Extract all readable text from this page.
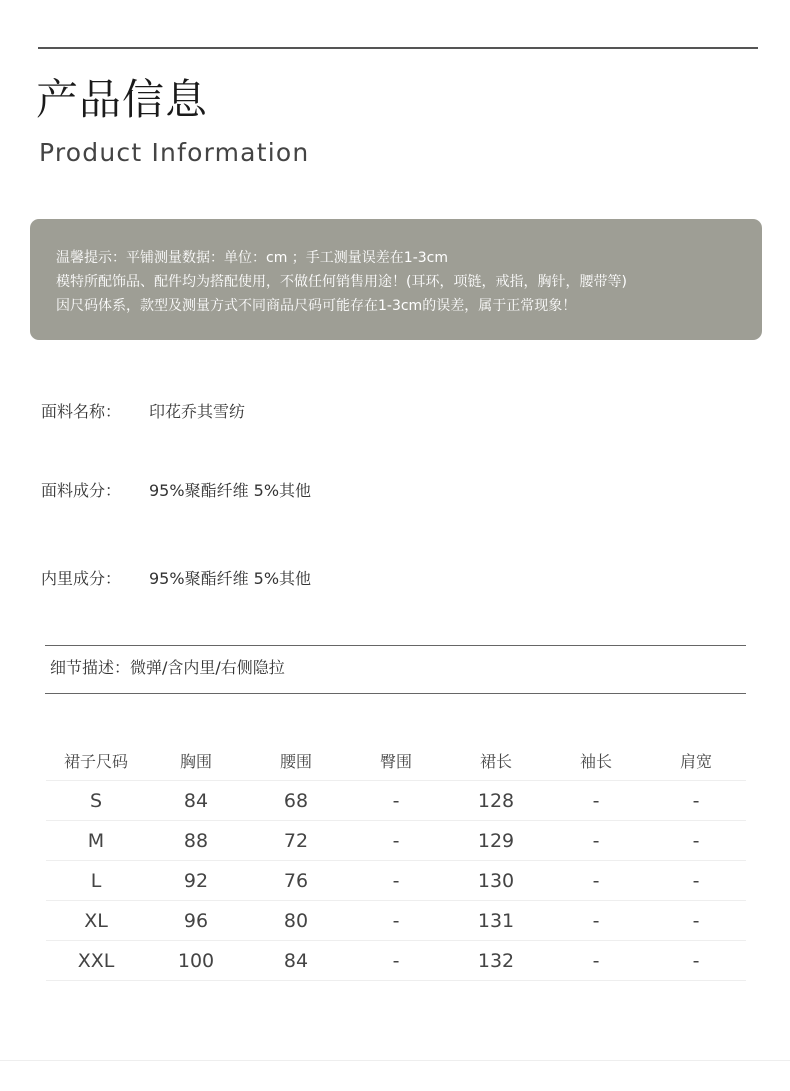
产品信息
Product Information
温馨提示：平铺测量数据：单位：cm ；手工测量误差在1-3cm
模特所配饰品、配件均为搭配使用，不做任何销售用途！(耳环，项链，戒指，胸针，腰带等)
因尺码体系，款型及测量方式不同商品尺码可能存在1-3cm的误差，属于正常现象！
面料名称： 印花乔其雪纺
面料成分： 95%聚酯纤维 5%其他
内里成分： 95%聚酯纤维 5%其他
细节描述：微弹/含内里/右侧隐拉
裙子尺码	胸围	腰围	臀围	裙长	袖长	肩宽
S	84	68	-	128	-	-
M	88	72	-	129	-	-
L	92	76	-	130	-	-
XL	96	80	-	131	-	-
XXL	100	84	-	132	-	-
